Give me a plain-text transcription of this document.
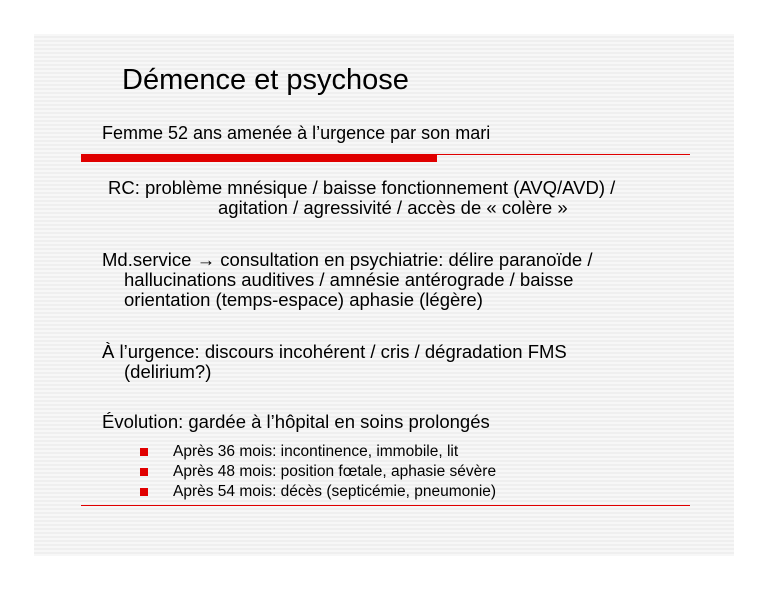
Démence et psychose
Femme 52 ans amenée à l’urgence par son mari
RC: problème mnésique / baisse fonctionnement (AVQ/AVD) /
agitation / agressivité / accès de « colère »
Md.service → consultation en psychiatrie: délire paranoïde /
hallucinations auditives / amnésie antérograde / baisse
orientation (temps-espace) aphasie (légère)
À l’urgence: discours incohérent / cris / dégradation FMS
(delirium?)
Évolution: gardée à l’hôpital en soins prolongés
Après 36 mois: incontinence, immobile, lit
Après 48 mois: position fœtale, aphasie sévère
Après 54 mois: décès (septicémie, pneumonie)
